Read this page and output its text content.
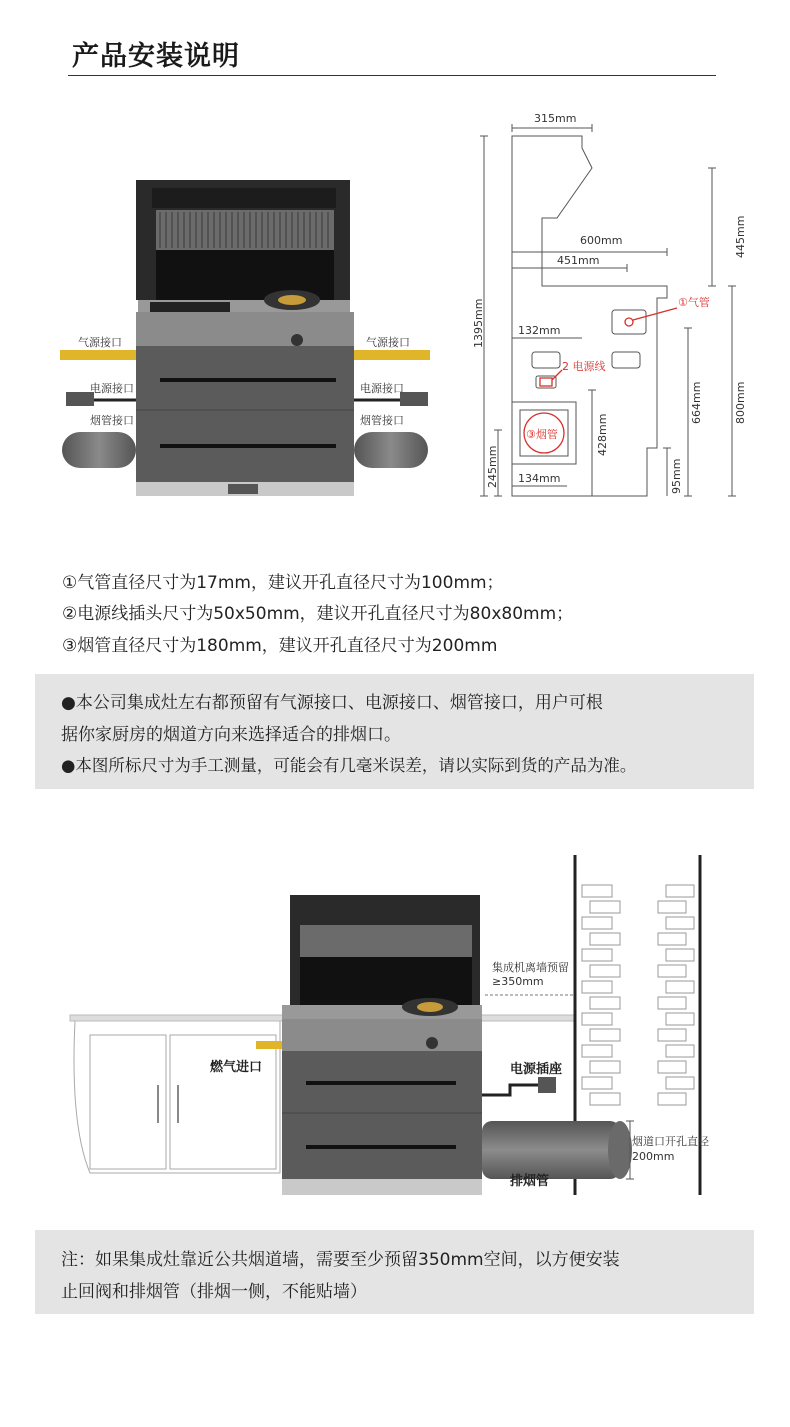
产品安装说明
气源接口	气源接口
电源接口	电源接口
烟管接口	烟管接口
315mm
600mm
451mm
132mm
134mm
445mm
1395mm
800mm
664mm
428mm
245mm	95mm
①气管
2 电源线
③烟管
①气管直径尺寸为17mm，建议开孔直径尺寸为100mm；
②电源线插头尺寸为50x50mm，建议开孔直径尺寸为80x80mm；
③烟管直径尺寸为180mm，建议开孔直径尺寸为200mm
●本公司集成灶左右都预留有气源接口、电源接口、烟管接口，用户可根
据你家厨房的烟道方向来选择适合的排烟口。
●本图所标尺寸为手工测量，可能会有几毫米误差，请以实际到货的产品为准。
集成机离墙预留
≥350mm
燃气进口	电源插座
烟道口开孔直径
200mm
排烟管
注：如果集成灶靠近公共烟道墙，需要至少预留350mm空间，以方便安装
止回阀和排烟管（排烟一侧，不能贴墙）
